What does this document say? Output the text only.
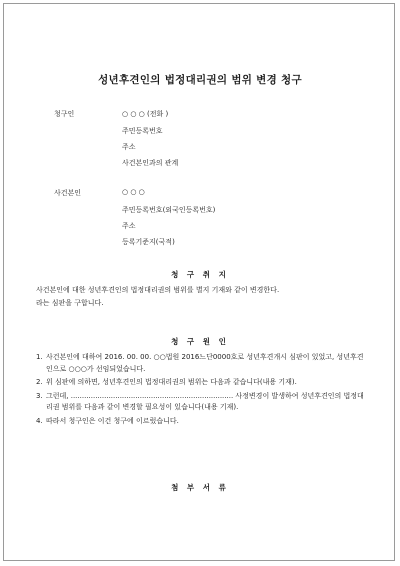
성년후견인의 법정대리권의 범위 변경 청구
청구인	○ ○ ○ (전화 )
주민등록번호
주소
사건본인과의 관계
사건본인	○ ○ ○
주민등록번호(외국인등록번호)
주소
등록기준지(국적)
청 구 취 지
사건본인에 대한 성년후견인의 법정대리권의 범위를 별지 기재와 같이 변경한다.
라는 심판을 구합니다.
청 구 원 인
1. 사건본인에 대하여 2016. 00. 00. ○○법원 2016느단0000호로 성년후견개시 심판이 있었고, 성년후견인으로 ○○○가 선임되었습니다.
2. 위 심판에 의하면, 성년후견인의 법정대리권의 범위는 다음과 같습니다(내용 기재).
3. 그런데, ......................................................................... 사정변경이 발생하여 성년후견인의 법정대리권 범위를 다음과 같이 변경할 필요성이 있습니다(내용 기재).
4. 따라서 청구인은 이건 청구에 이르렀습니다.
첨 부 서 류
